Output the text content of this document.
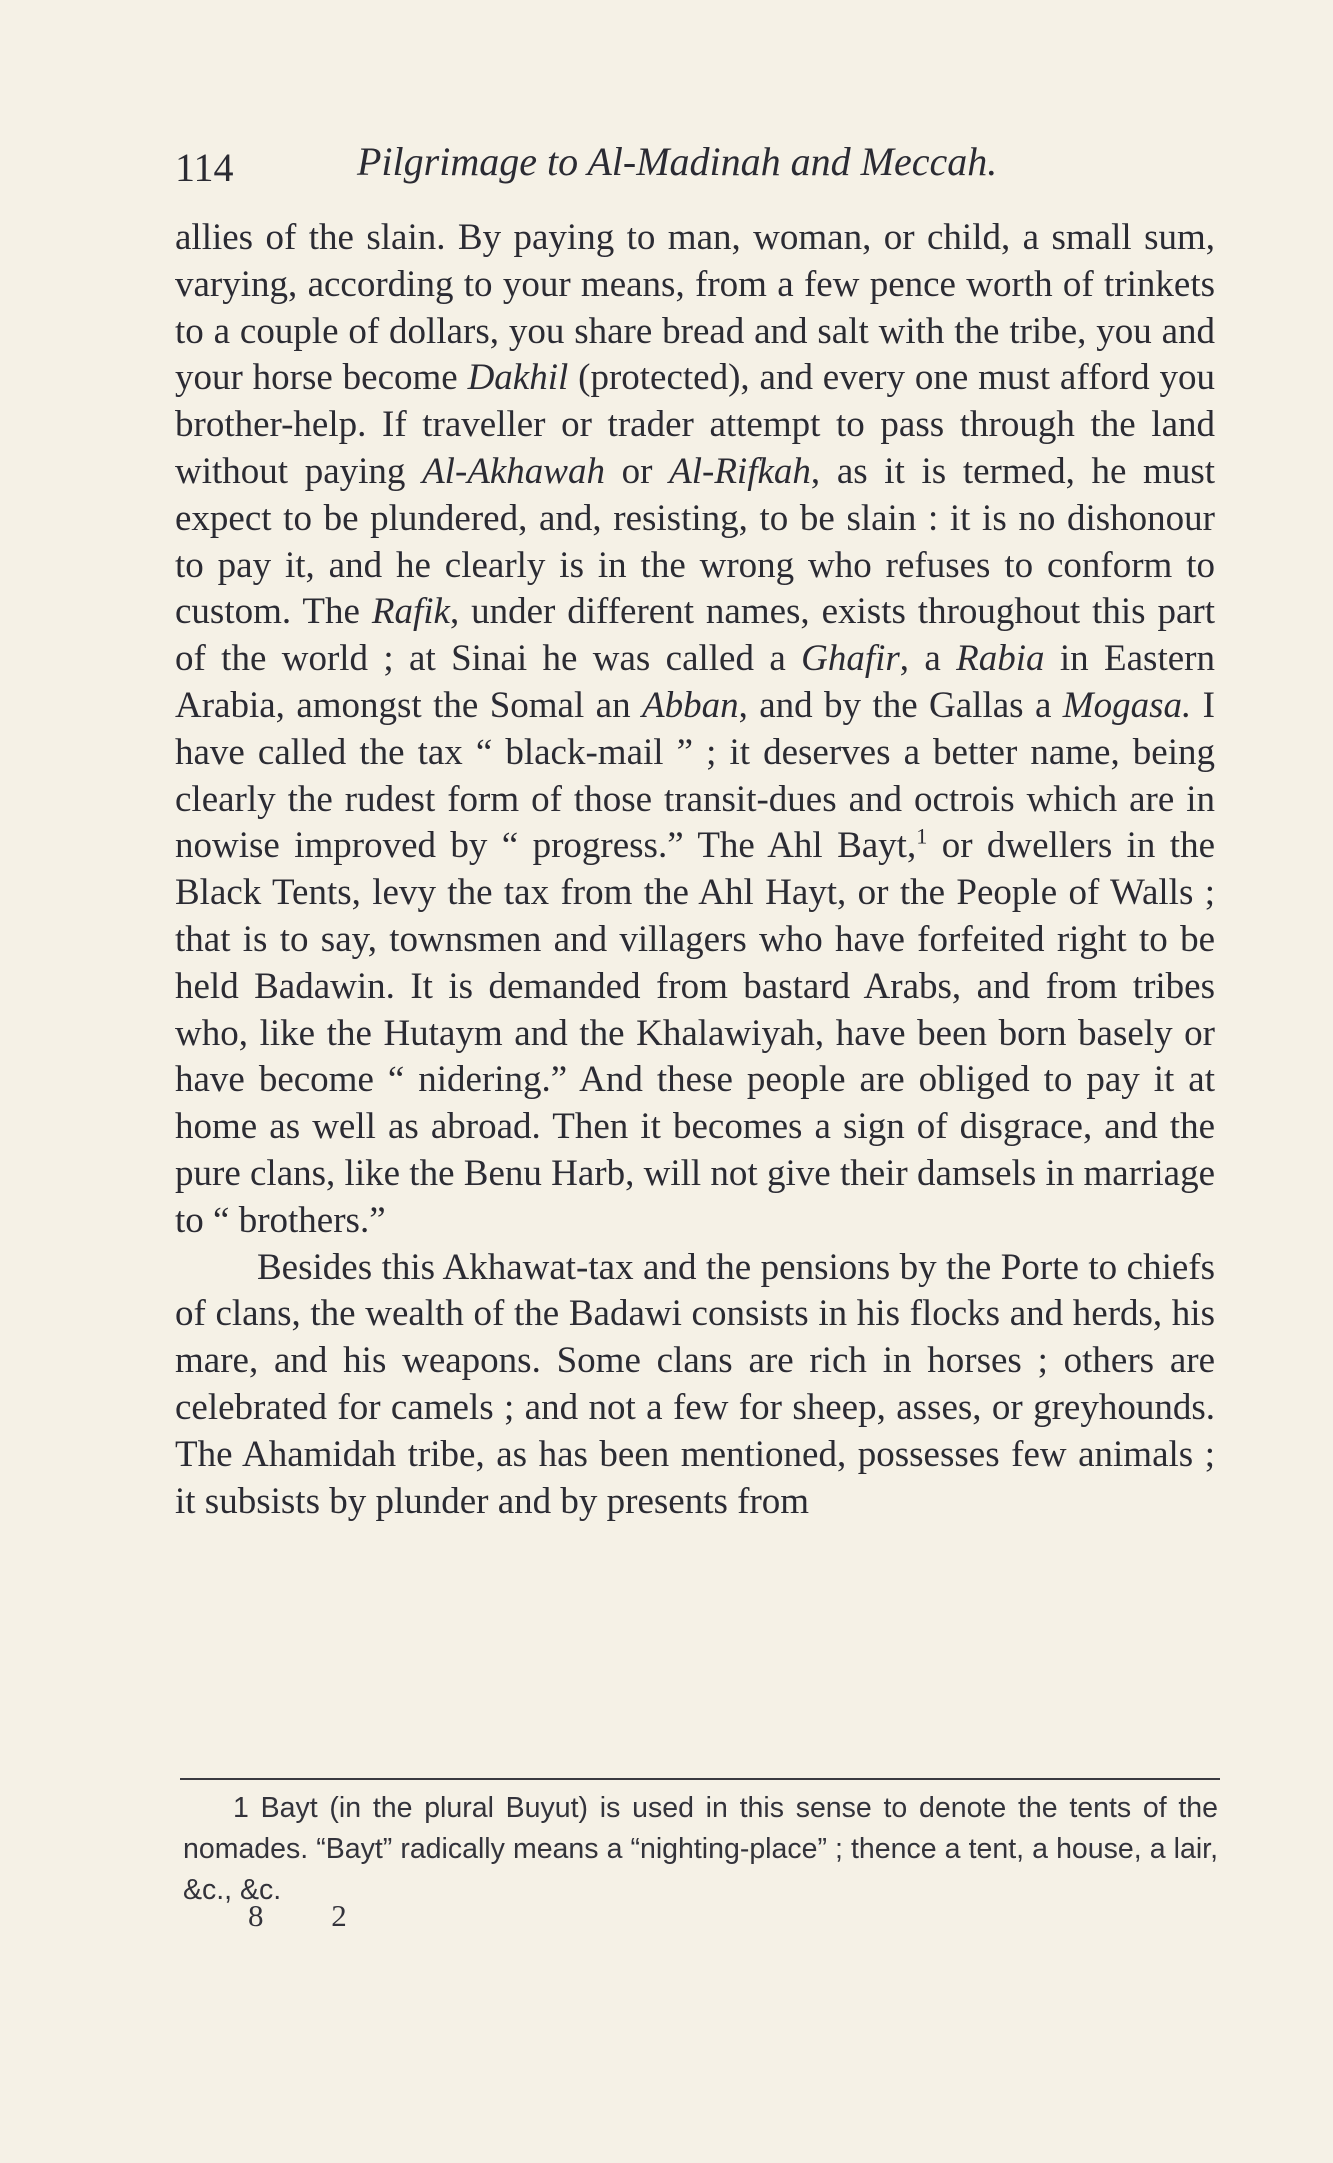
114	Pilgrimage to Al-Madinah and Meccah.

allies of the slain. By paying to man, woman, or child, a small sum, varying, according to your means, from a few pence worth of trinkets to a couple of dollars, you share bread and salt with the tribe, you and your horse become Dakhil (protected), and every one must afford you brother-help. If traveller or trader attempt to pass through the land without paying Al-Akhawah or Al-Rifkah, as it is termed, he must expect to be plundered, and, resisting, to be slain : it is no dishonour to pay it, and he clearly is in the wrong who refuses to conform to custom. The Rafik, under different names, exists throughout this part of the world ; at Sinai he was called a Ghafir, a Rabia in Eastern Arabia, amongst the Somal an Abban, and by the Gallas a Mogasa. I have called the tax “ black-mail ” ; it deserves a better name, being clearly the rudest form of those transit-dues and octrois which are in nowise improved by “ progress.” The Ahl Bayt,$^1$ or dwellers in the Black Tents, levy the tax from the Ahl Hayt, or the People of Walls ; that is to say, townsmen and villagers who have forfeited right to be held Badawin. It is demanded from bastard Arabs, and from tribes who, like the Hutaym and the Khalawiyah, have been born basely or have become “ nidering.” And these people are obliged to pay it at home as well as abroad. Then it becomes a sign of disgrace, and the pure clans, like the Benu Harb, will not give their damsels in marriage to “ brothers.”

Besides this Akhawat-tax and the pensions by the Porte to chiefs of clans, the wealth of the Badawi consists in his flocks and herds, his mare, and his weapons. Some clans are rich in horses ; others are celebrated for camels ; and not a few for sheep, asses, or greyhounds. The Ahamidah tribe, as has been mentioned, possesses few animals ; it subsists by plunder and by presents from

1 Bayt (in the plural Buyut) is used in this sense to denote the tents of the nomades. “Bayt” radically means a “nighting-place” ; thence a tent, a house, a lair, &c., &c.
8 2
